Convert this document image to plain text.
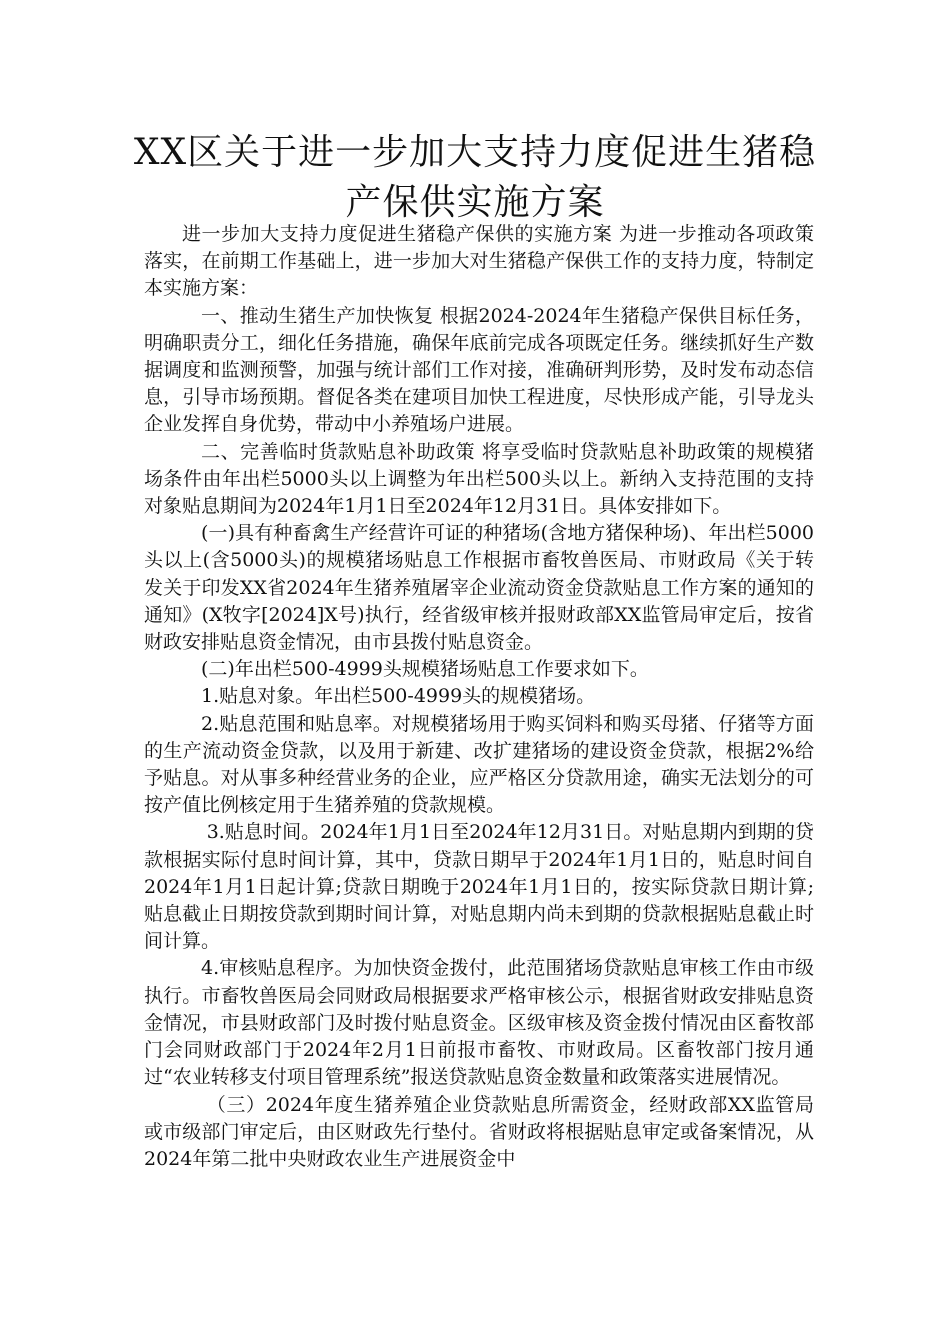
XX区关于进一步加大支持力度促进生猪稳产保供实施方案

进一步加大支持力度促进生猪稳产保供的实施方案 为进一步推动各项政策落实，在前期工作基础上，进一步加大对生猪稳产保供工作的支持力度，特制定本实施方案：

一、推动生猪生产加快恢复 根据2024-2024年生猪稳产保供目标任务，明确职责分工，细化任务措施，确保年底前完成各项既定任务。继续抓好生产数据调度和监测预警，加强与统计部们工作对接，准确研判形势，及时发布动态信息，引导市场预期。督促各类在建项目加快工程进度，尽快形成产能，引导龙头企业发挥自身优势，带动中小养殖场户进展。

二、完善临时货款贴息补助政策 将享受临时贷款贴息补助政策的规模猪场条件由年出栏5000头以上调整为年出栏500头以上。新纳入支持范围的支持对象贴息期间为2024年1月1日至2024年12月31日。具体安排如下。

(一)具有种畜禽生产经营许可证的种猪场(含地方猪保种场)、年出栏5000头以上(含5000头)的规模猪场贴息工作根据市畜牧兽医局、市财政局《关于转发关于印发XX省2024年生猪养殖屠宰企业流动资金贷款贴息工作方案的通知的通知》(X牧字[2024]X号)执行，经省级审核并报财政部XX监管局审定后，按省财政安排贴息资金情况，由市县拨付贴息资金。

(二)年出栏500-4999头规模猪场贴息工作要求如下。

1.贴息对象。年出栏500-4999头的规模猪场。

2.贴息范围和贴息率。对规模猪场用于购买饲料和购买母猪、仔猪等方面的生产流动资金贷款，以及用于新建、改扩建猪场的建设资金贷款，根据2%给予贴息。对从事多种经营业务的企业，应严格区分贷款用途，确实无法划分的可按产值比例核定用于生猪养殖的贷款规模。

3.贴息时间。2024年1月1日至2024年12月31日。对贴息期内到期的贷款根据实际付息时间计算，其中，贷款日期早于2024年1月1日的，贴息时间自2024年1月1日起计算;贷款日期晚于2024年1月1日的，按实际贷款日期计算;贴息截止日期按贷款到期时间计算，对贴息期内尚未到期的贷款根据贴息截止时间计算。

4.审核贴息程序。为加快资金拨付，此范围猪场贷款贴息审核工作由市级执行。市畜牧兽医局会同财政局根据要求严格审核公示，根据省财政安排贴息资金情况，市县财政部门及时拨付贴息资金。区级审核及资金拨付情况由区畜牧部门会同财政部门于2024年2月1日前报市畜牧、市财政局。区畜牧部门按月通过“农业转移支付项目管理系统”报送贷款贴息资金数量和政策落实进展情况。

（三）2024年度生猪养殖企业贷款贴息所需资金，经财政部XX监管局或市级部门审定后，由区财政先行垫付。省财政将根据贴息审定或备案情况，从2024年第二批中央财政农业生产进展资金中
